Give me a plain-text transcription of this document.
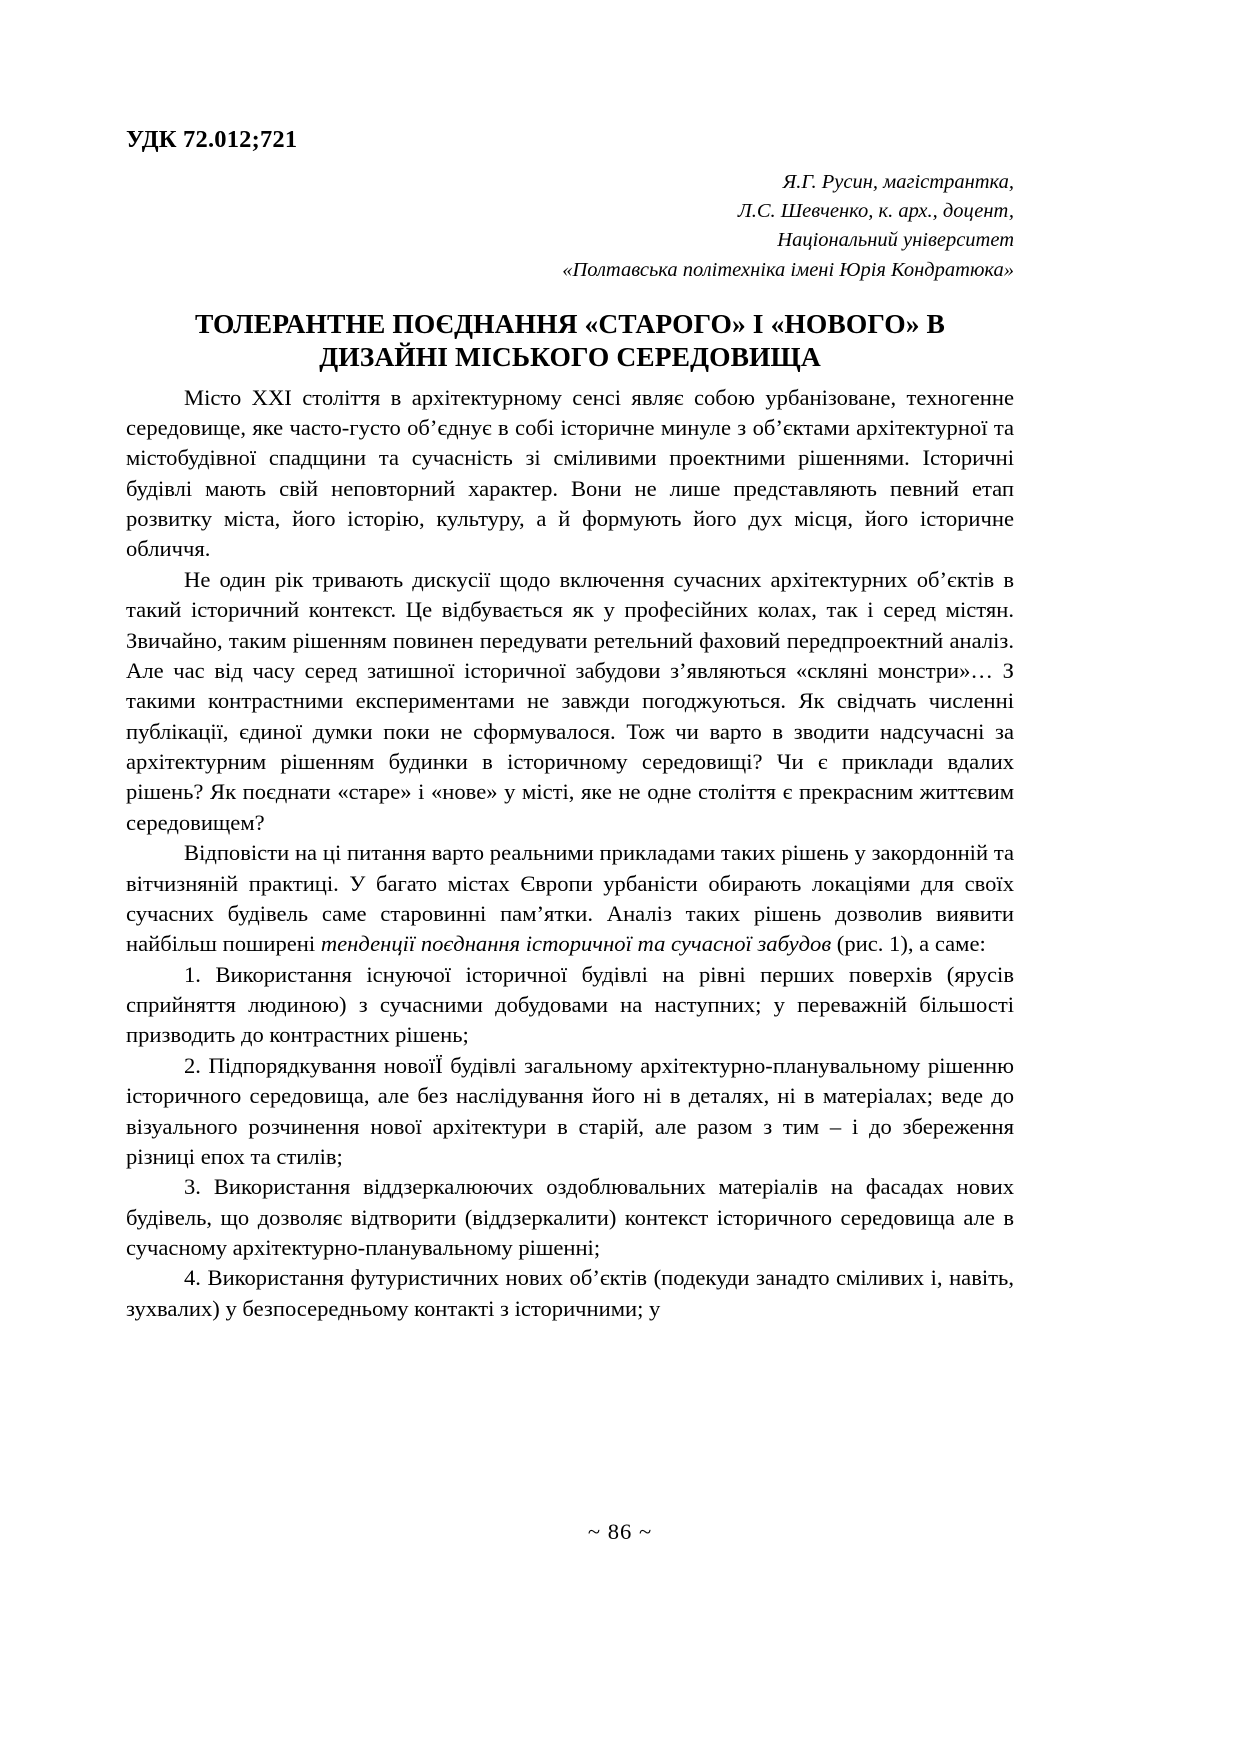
УДК 72.012;721
Я.Г. Русин, магістрантка,
Л.С. Шевченко, к. арх., доцент,
Національний університет
«Полтавська політехніка імені Юрія Кондратюка»
ТОЛЕРАНТНЕ ПОЄДНАННЯ «СТАРОГО» І «НОВОГО» В
ДИЗАЙНІ МІСЬКОГО СЕРЕДОВИЩА

Місто XXI століття в архітектурному сенсі являє собою урбанізоване, техногенне середовище, яке часто-густо об’єднує в собі історичне минуле з об’єктами архітектурної та містобудівної спадщини та сучасність зі сміливими проектними рішеннями. Історичні будівлі мають свій неповторний характер. Вони не лише представляють певний етап розвитку міста, його історію, культуру, а й формують його дух місця, його історичне обличчя.

Не один рік тривають дискусії щодо включення сучасних архітектурних об’єктів в такий історичний контекст. Це відбувається як у професійних колах, так і серед містян. Звичайно, таким рішенням повинен передувати ретельний фаховий передпроектний аналіз. Але час від часу серед затишної історичної забудови з’являються «скляні монстри»… З такими контрастними експериментами не завжди погоджуються. Як свідчать численні публікації, єдиної думки поки не сформувалося. Тож чи варто в зводити надсучасні за архітектурним рішенням будинки в історичному середовищі? Чи є приклади вдалих рішень? Як поєднати «старе» і «нове» у місті, яке не одне століття є прекрасним життєвим середовищем?

Відповісти на ці питання варто реальними прикладами таких рішень у закордонній та вітчизняній практиці. У багато містах Європи урбаністи обирають локаціями для своїх сучасних будівель саме старовинні пам’ятки. Аналіз таких рішень дозволив виявити найбільш поширені тенденції поєднання історичної та сучасної забудов (рис. 1), а саме:

1. Використання існуючої історичної будівлі на рівні перших поверхів (ярусів сприйняття людиною) з сучасними добудовами на наступних; у переважній більшості призводить до контрастних рішень;

2. Підпорядкування новоїЇ будівлі загальному архітектурно-планувальному рішенню історичного середовища, але без наслідування його ні в деталях, ні в матеріалах; веде до візуального розчинення нової архітектури в старій, але разом з тим – і до збереження різниці епох та стилів;

3. Використання віддзеркалюючих оздоблювальних матеріалів на фасадах нових будівель, що дозволяє відтворити (віддзеркалити) контекст історичного середовища але в сучасному архітектурно-планувальному рішенні;

4. Використання футуристичних нових об’єктів (подекуди занадто сміливих і, навіть, зухвалих) у безпосередньому контакті з історичними; у

~ 86 ~
